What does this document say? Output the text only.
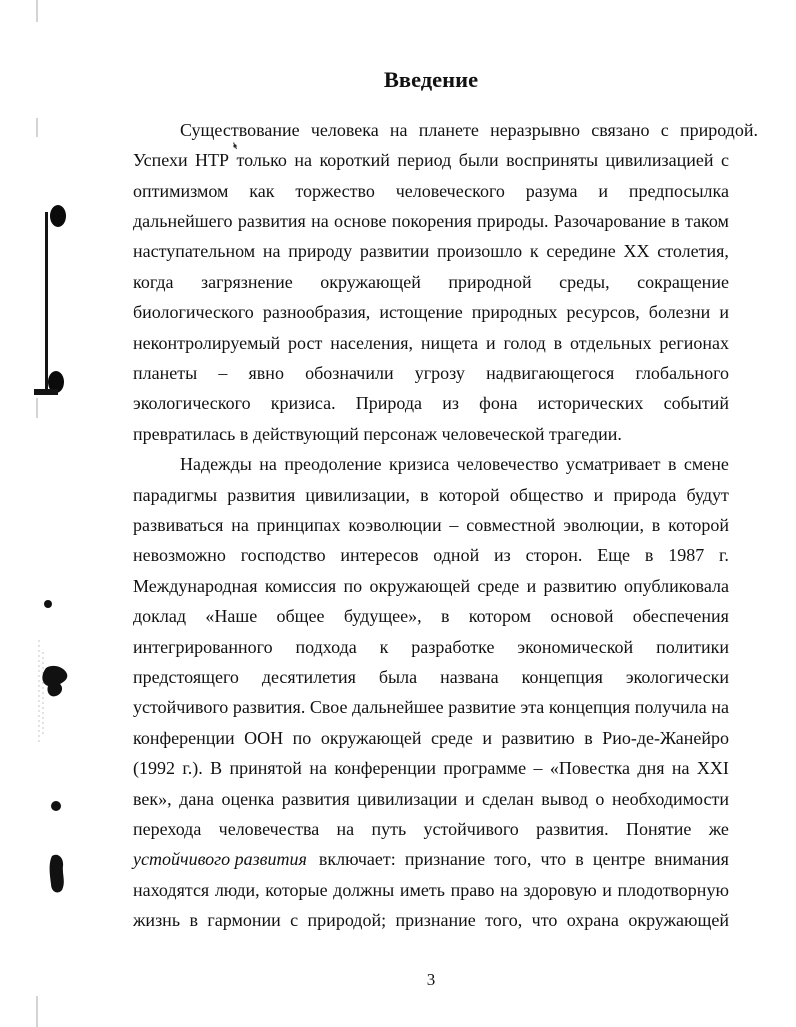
Введение
Существование человека на планете неразрывно связано с природой.
Успехи НТР только на короткий период были восприняты цивилизацией с
оптимизмом как торжество человеческого разума и предпосылка
дальнейшего развития на основе покорения природы. Разочарование в таком
наступательном на природу развитии произошло к середине XX столетия,
когда загрязнение окружающей природной среды, сокращение
биологического разнообразия, истощение природных ресурсов, болезни и
неконтролируемый рост населения, нищета и голод в отдельных регионах
планеты – явно обозначили угрозу надвигающегося глобального
экологического кризиса. Природа из фона исторических событий
превратилась в действующий персонаж человеческой трагедии.
Надежды на преодоление кризиса человечество усматривает в смене
парадигмы развития цивилизации, в которой общество и природа будут
развиваться на принципах коэволюции – совместной эволюции, в которой
невозможно господство интересов одной из сторон. Еще в 1987 г.
Международная комиссия по окружающей среде и развитию опубликовала
доклад «Наше общее будущее», в котором основой обеспечения
интегрированного подхода к разработке экономической политики
предстоящего десятилетия была названа концепция экологически
устойчивого развития. Свое дальнейшее развитие эта концепция получила на
конференции ООН по окружающей среде и развитию в Рио-де-Жанейро
(1992 г.). В принятой на конференции программе – «Повестка дня на XXI
век», дана оценка развития цивилизации и сделан вывод о необходимости
перехода человечества на путь устойчивого развития. Понятие же
устойчивого развития включает: признание того, что в центре внимания
находятся люди, которые должны иметь право на здоровую и плодотворную
жизнь в гармонии с природой; признание того, что охрана окружающей
3
